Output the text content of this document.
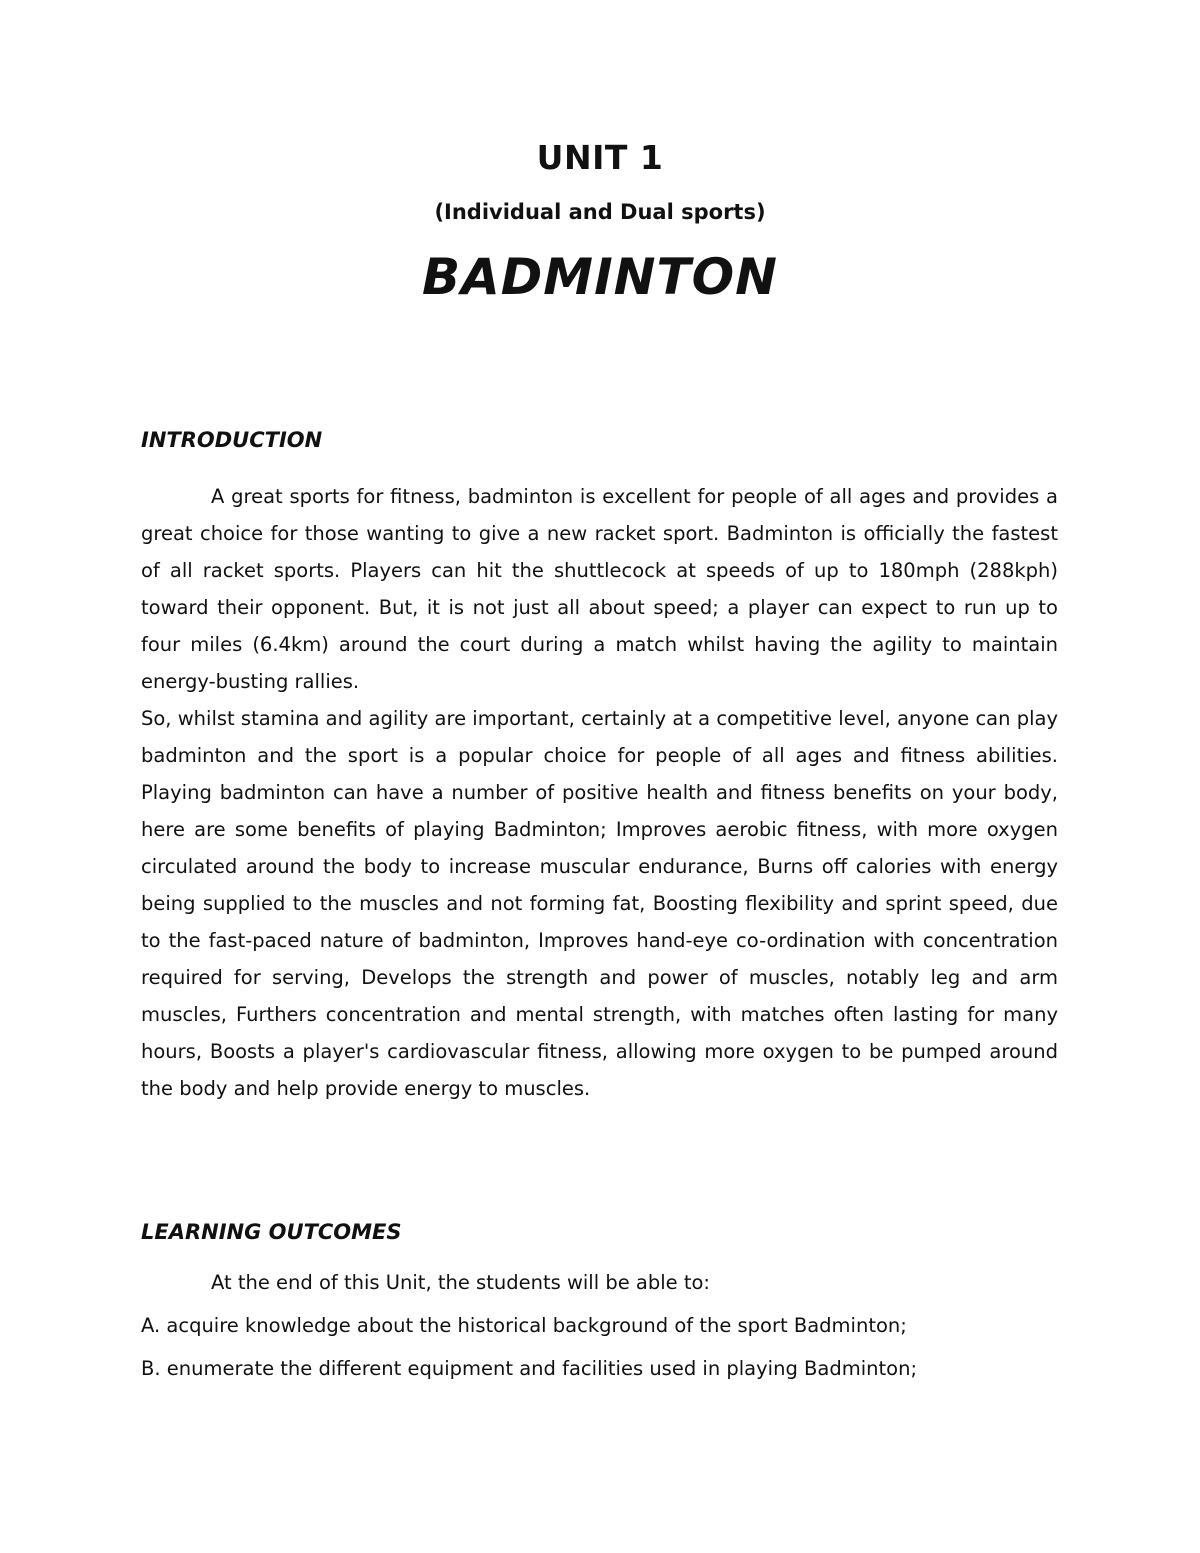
UNIT 1
(Individual and Dual sports)
BADMINTON
INTRODUCTION

A great sports for fitness, badminton is excellent for people of all ages and provides a great choice for those wanting to give a new racket sport. Badminton is officially the fastest of all racket sports. Players can hit the shuttlecock at speeds of up to 180mph (288kph) toward their opponent. But, it is not just all about speed; a player can expect to run up to four miles (6.4km) around the court during a match whilst having the agility to maintain energy-busting rallies.

So, whilst stamina and agility are important, certainly at a competitive level, anyone can play badminton and the sport is a popular choice for people of all ages and fitness abilities. Playing badminton can have a number of positive health and fitness benefits on your body, here are some benefits of playing Badminton; Improves aerobic fitness, with more oxygen circulated around the body to increase muscular endurance, Burns off calories with energy being supplied to the muscles and not forming fat, Boosting flexibility and sprint speed, due to the fast-paced nature of badminton, Improves hand-eye co-ordination with concentration required for serving, Develops the strength and power of muscles, notably leg and arm muscles, Furthers concentration and mental strength, with matches often lasting for many hours, Boosts a player's cardiovascular fitness, allowing more oxygen to be pumped around the body and help provide energy to muscles.

LEARNING OUTCOMES

At the end of this Unit, the students will be able to:

A. acquire knowledge about the historical background of the sport Badminton;

B. enumerate the different equipment and facilities used in playing Badminton;
